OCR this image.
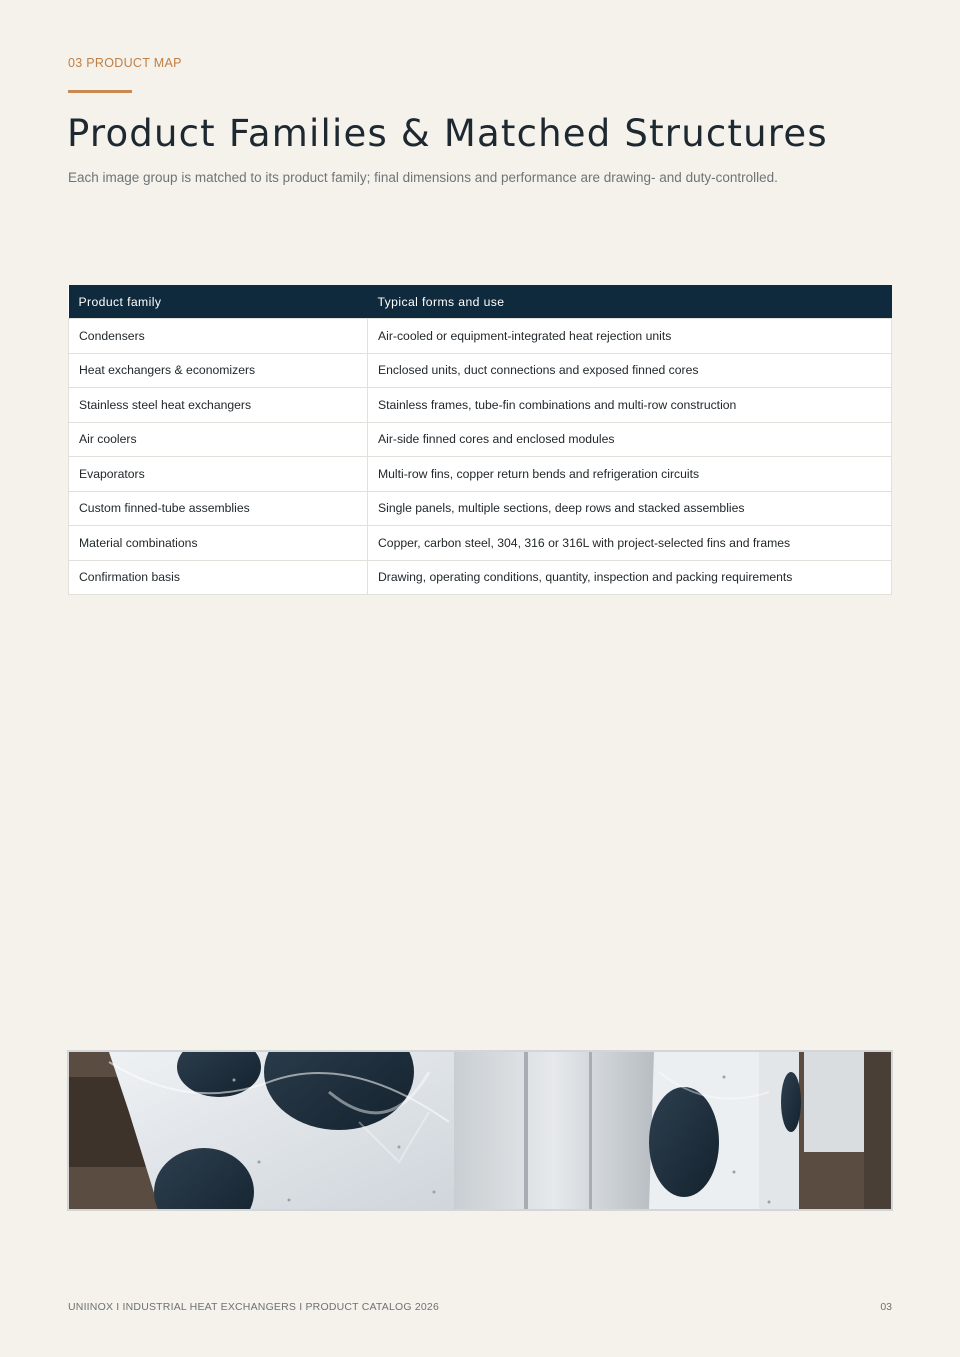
03 PRODUCT MAP
Product Families & Matched Structures

Each image group is matched to its product family; final dimensions and performance are drawing- and duty-controlled.

Product family	Typical forms and use
Condensers	Air-cooled or equipment-integrated heat rejection units
Heat exchangers & economizers	Enclosed units, duct connections and exposed finned cores
Stainless steel heat exchangers	Stainless frames, tube-fin combinations and multi-row construction
Air coolers	Air-side finned cores and enclosed modules
Evaporators	Multi-row fins, copper return bends and refrigeration circuits
Custom finned-tube assemblies	Single panels, multiple sections, deep rows and stacked assemblies
Material combinations	Copper, carbon steel, 304, 316 or 316L with project-selected fins and frames
Confirmation basis	Drawing, operating conditions, quantity, inspection and packing requirements
UNIINOX I INDUSTRIAL HEAT EXCHANGERS I PRODUCT CATALOG 2026	03
